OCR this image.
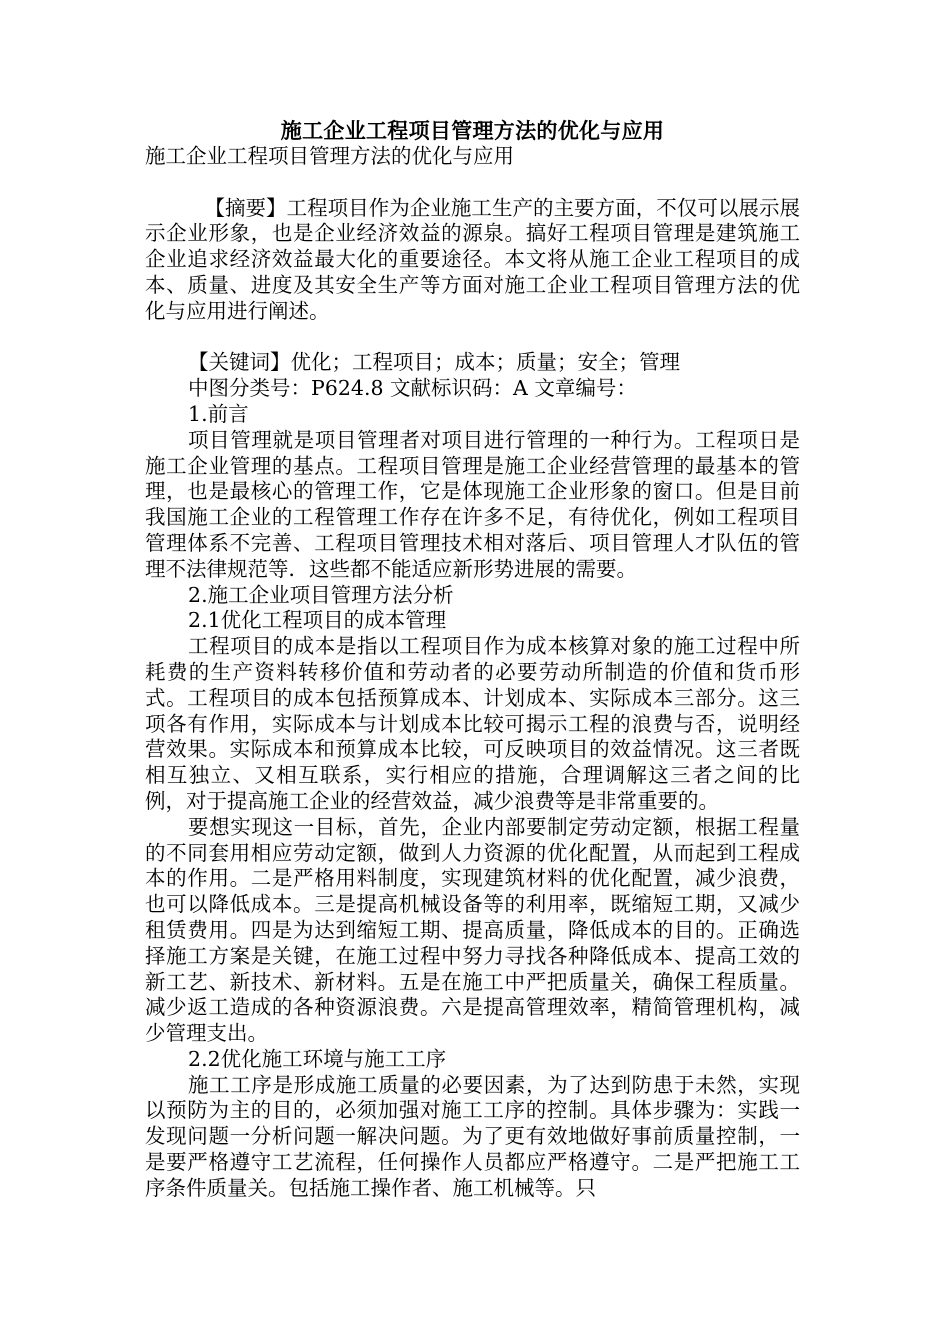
施工企业工程项目管理方法的优化与应用

施工企业工程项目管理方法的优化与应用

【摘要】工程项目作为企业施工生产的主要方面，不仅可以展示展示企业形象，也是企业经济效益的源泉。搞好工程项目管理是建筑施工企业追求经济效益最大化的重要途径。本文将从施工企业工程项目的成本、质量、进度及其安全生产等方面对施工企业工程项目管理方法的优化与应用进行阐述。

【关键词】优化；工程项目；成本；质量；安全；管理

中图分类号：P624.8 文献标识码：A 文章编号：

1.前言

项目管理就是项目管理者对项目进行管理的一种行为。工程项日是施工企业管理的基点。工程项目管理是施工企业经营管理的最基本的管理，也是最核心的管理工作，它是体现施工企业形象的窗口。但是目前我国施工企业的工程管理工作存在许多不足，有待优化，例如工程项目管理体系不完善、工程项目管理技术相对落后、项目管理人才队伍的管理不法律规范等．这些都不能适应新形势进展的需要。

2.施工企业项目管理方法分析

2.1优化工程项目的成本管理

工程项目的成本是指以工程项目作为成本核算对象的施工过程中所耗费的生产资料转移价值和劳动者的必要劳动所制造的价值和货币形式。工程项目的成本包括预算成本、计划成本、实际成本三部分。这三项各有作用，实际成本与计划成本比较可揭示工程的浪费与否，说明经营效果。实际成本和预算成本比较，可反映项目的效益情况。这三者既相互独立、又相互联系，实行相应的措施，合理调解这三者之间的比例，对于提高施工企业的经营效益，减少浪费等是非常重要的。

要想实现这一目标，首先，企业内部要制定劳动定额，根据工程量的不同套用相应劳动定额，做到人力资源的优化配置，从而起到工程成本的作用。二是严格用料制度，实现建筑材料的优化配置，减少浪费，也可以降低成本。三是提高机械设备等的利用率，既缩短工期，又减少租赁费用。四是为达到缩短工期、提高质量，降低成本的目的。正确选择施工方案是关键，在施工过程中努力寻找各种降低成本、提高工效的新工艺、新技术、新材料。五是在施工中严把质量关，确保工程质量。减少返工造成的各种资源浪费。六是提高管理效率，精简管理机构，减少管理支出。

2.2优化施工环境与施工工序

施工工序是形成施工质量的必要因素，为了达到防患于未然，实现以预防为主的目的，必须加强对施工工序的控制。具体步骤为：实践一发现问题一分析问题一解决问题。为了更有效地做好事前质量控制，一是要严格遵守工艺流程，任何操作人员都应严格遵守。二是严把施工工序条件质量关。包括施工操作者、施工机械等。只
